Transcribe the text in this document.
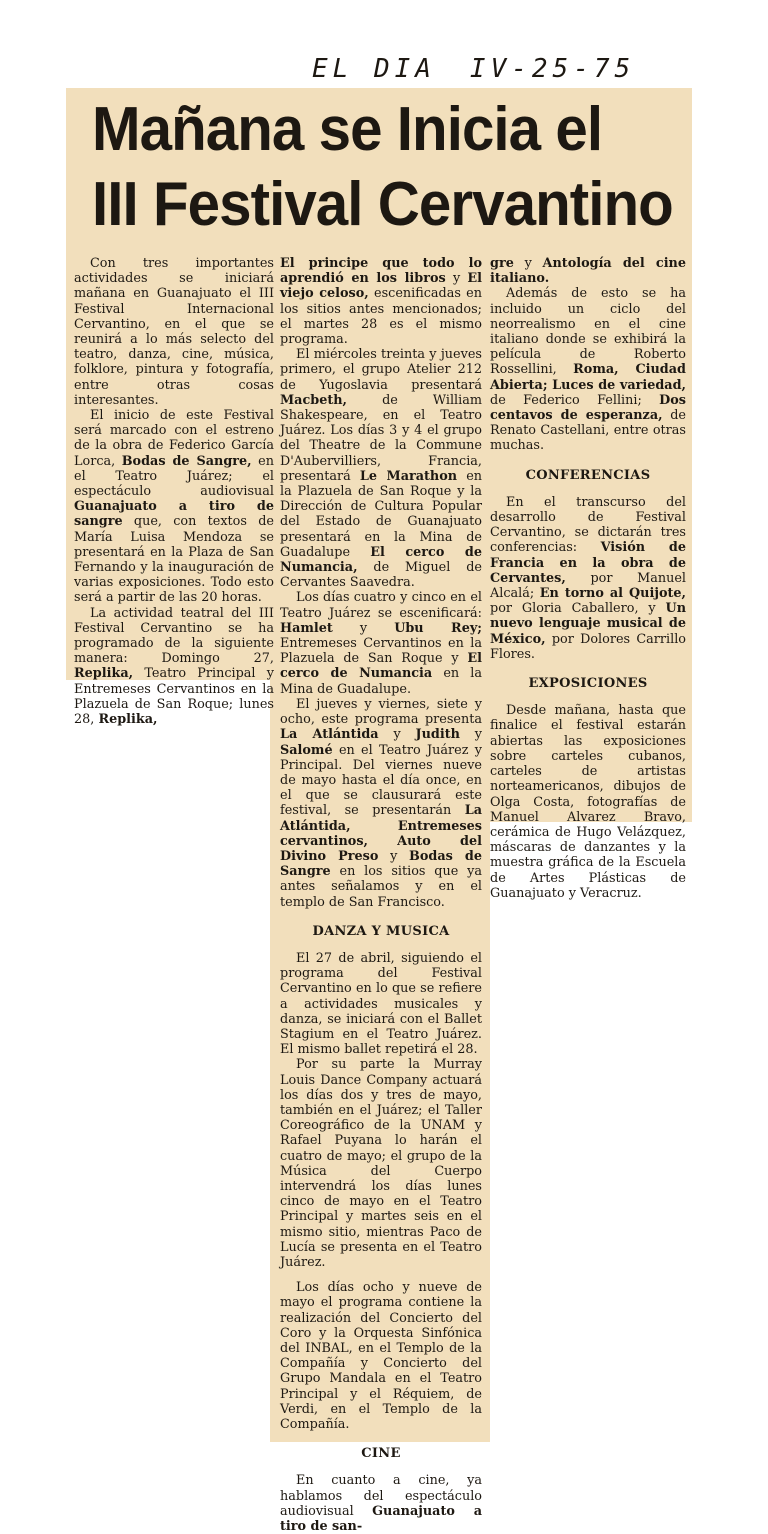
EL DIA IV-25-75
Mañana se Inicia el
III Festival Cervantino

Con tres importantes actividades se iniciará mañana en Guanajuato el III Festival Internacional Cervantino, en el que se reunirá a lo más selecto del teatro, danza, cine, música, folklore, pintura y fotografía, entre otras cosas interesantes.

El inicio de este Festival será marcado con el estreno de la obra de Federico García Lorca, Bodas de Sangre, en el Teatro Juárez; el espectáculo audiovisual Guanajuato a tiro de sangre que, con textos de María Luisa Mendoza se presentará en la Plaza de San Fernando y la inauguración de varias exposiciones. Todo esto será a partir de las 20 horas.

La actividad teatral del III Festival Cervantino se ha programado de la siguiente manera: Domingo 27, Replika, Teatro Principal y Entremeses Cervantinos en la Plazuela de San Roque; lunes 28, Replika,

El principe que todo lo aprendió en los libros y El viejo celoso, escenificadas en los sitios antes mencionados; el martes 28 es el mismo programa.

El miércoles treinta y jueves primero, el grupo Atelier 212 de Yugoslavia presentará Macbeth,	de William Shakespeare, en el Teatro Juárez. Los días 3 y 4 el grupo del Theatre de la Commune D'Aubervilliers, Francia, presentará Le Marathon en la Plazuela de San Roque y la Dirección de Cultura Popular del Estado de Guanajuato presentará en la Mina de Guadalupe El cerco de Numancia, de Miguel de Cervantes Saavedra.

Los días cuatro y cinco en el Teatro Juárez se escenificará: Hamlet y Ubu Rey; Entremeses Cervantinos en la Plazuela de San Roque y El cerco de Numancia en la Mina de Guadalupe.

El jueves y viernes, siete y ocho, este programa presenta La Atlántida y Judith y Salomé en el Teatro Juárez y Principal. Del viernes nueve de mayo hasta el día once, en el que se clausurará este festival, se presentarán La Atlántida, Entremeses cervantinos, Auto del Divino Preso y Bodas de Sangre en los sitios que ya antes señalamos y en el templo de San Francisco.

DANZA Y MUSICA

El 27 de abril, siguiendo el programa del Festival Cervantino en lo que se refiere a actividades musicales y danza, se iniciará con el Ballet Stagium en el Teatro Juárez. El mismo ballet repetirá el 28.

Por su parte la Murray Louis Dance Company actuará los días dos y tres de mayo, también en el Juárez; el Taller Coreográfico de la UNAM y Rafael Puyana lo harán el cuatro de mayo; el grupo de la Música del Cuerpo intervendrá los días lunes cinco de mayo en el Teatro Principal y martes seis en el mismo sitio, mientras Paco de Lucía se presenta en el Teatro Juárez.

Los días ocho y nueve de mayo el programa contiene la realización del Concierto del Coro y la Orquesta Sinfónica del INBAL, en el Templo de la Compañía y Concierto del Grupo Mandala en el Teatro Principal y el Réquiem, de Verdi, en el Templo de la Compañía.

CINE

En cuanto a cine, ya hablamos del espectáculo audiovisual Guanajuato a tiro de san-

gre y Antología del cine italiano.

Además de esto se ha incluido un ciclo del neorrealismo en el cine italiano donde se exhibirá la película de Roberto Rossellini, Roma, Ciudad Abierta; Luces de variedad, de Federico Fellini; Dos centavos de esperanza, de Renato Castellani, entre otras muchas.

CONFERENCIAS

En el transcurso del desarrollo de Festival Cervantino, se dictarán tres conferencias: Visión de Francia en la obra de Cervantes, por Manuel Alcalá; En torno al Quijote, por Gloria Caballero, y Un nuevo lenguaje musical de México, por Dolores Carrillo Flores.

EXPOSICIONES

Desde mañana, hasta que finalice el festival estarán abiertas las exposiciones sobre carteles cubanos, carteles de artistas norteamericanos, dibujos de Olga Costa, fotografías de Manuel Alvarez Bravo, cerámica de Hugo Velázquez, máscaras de danzantes y la muestra gráfica de la Escuela de Artes Plásticas de Guanajuato y Veracruz.
